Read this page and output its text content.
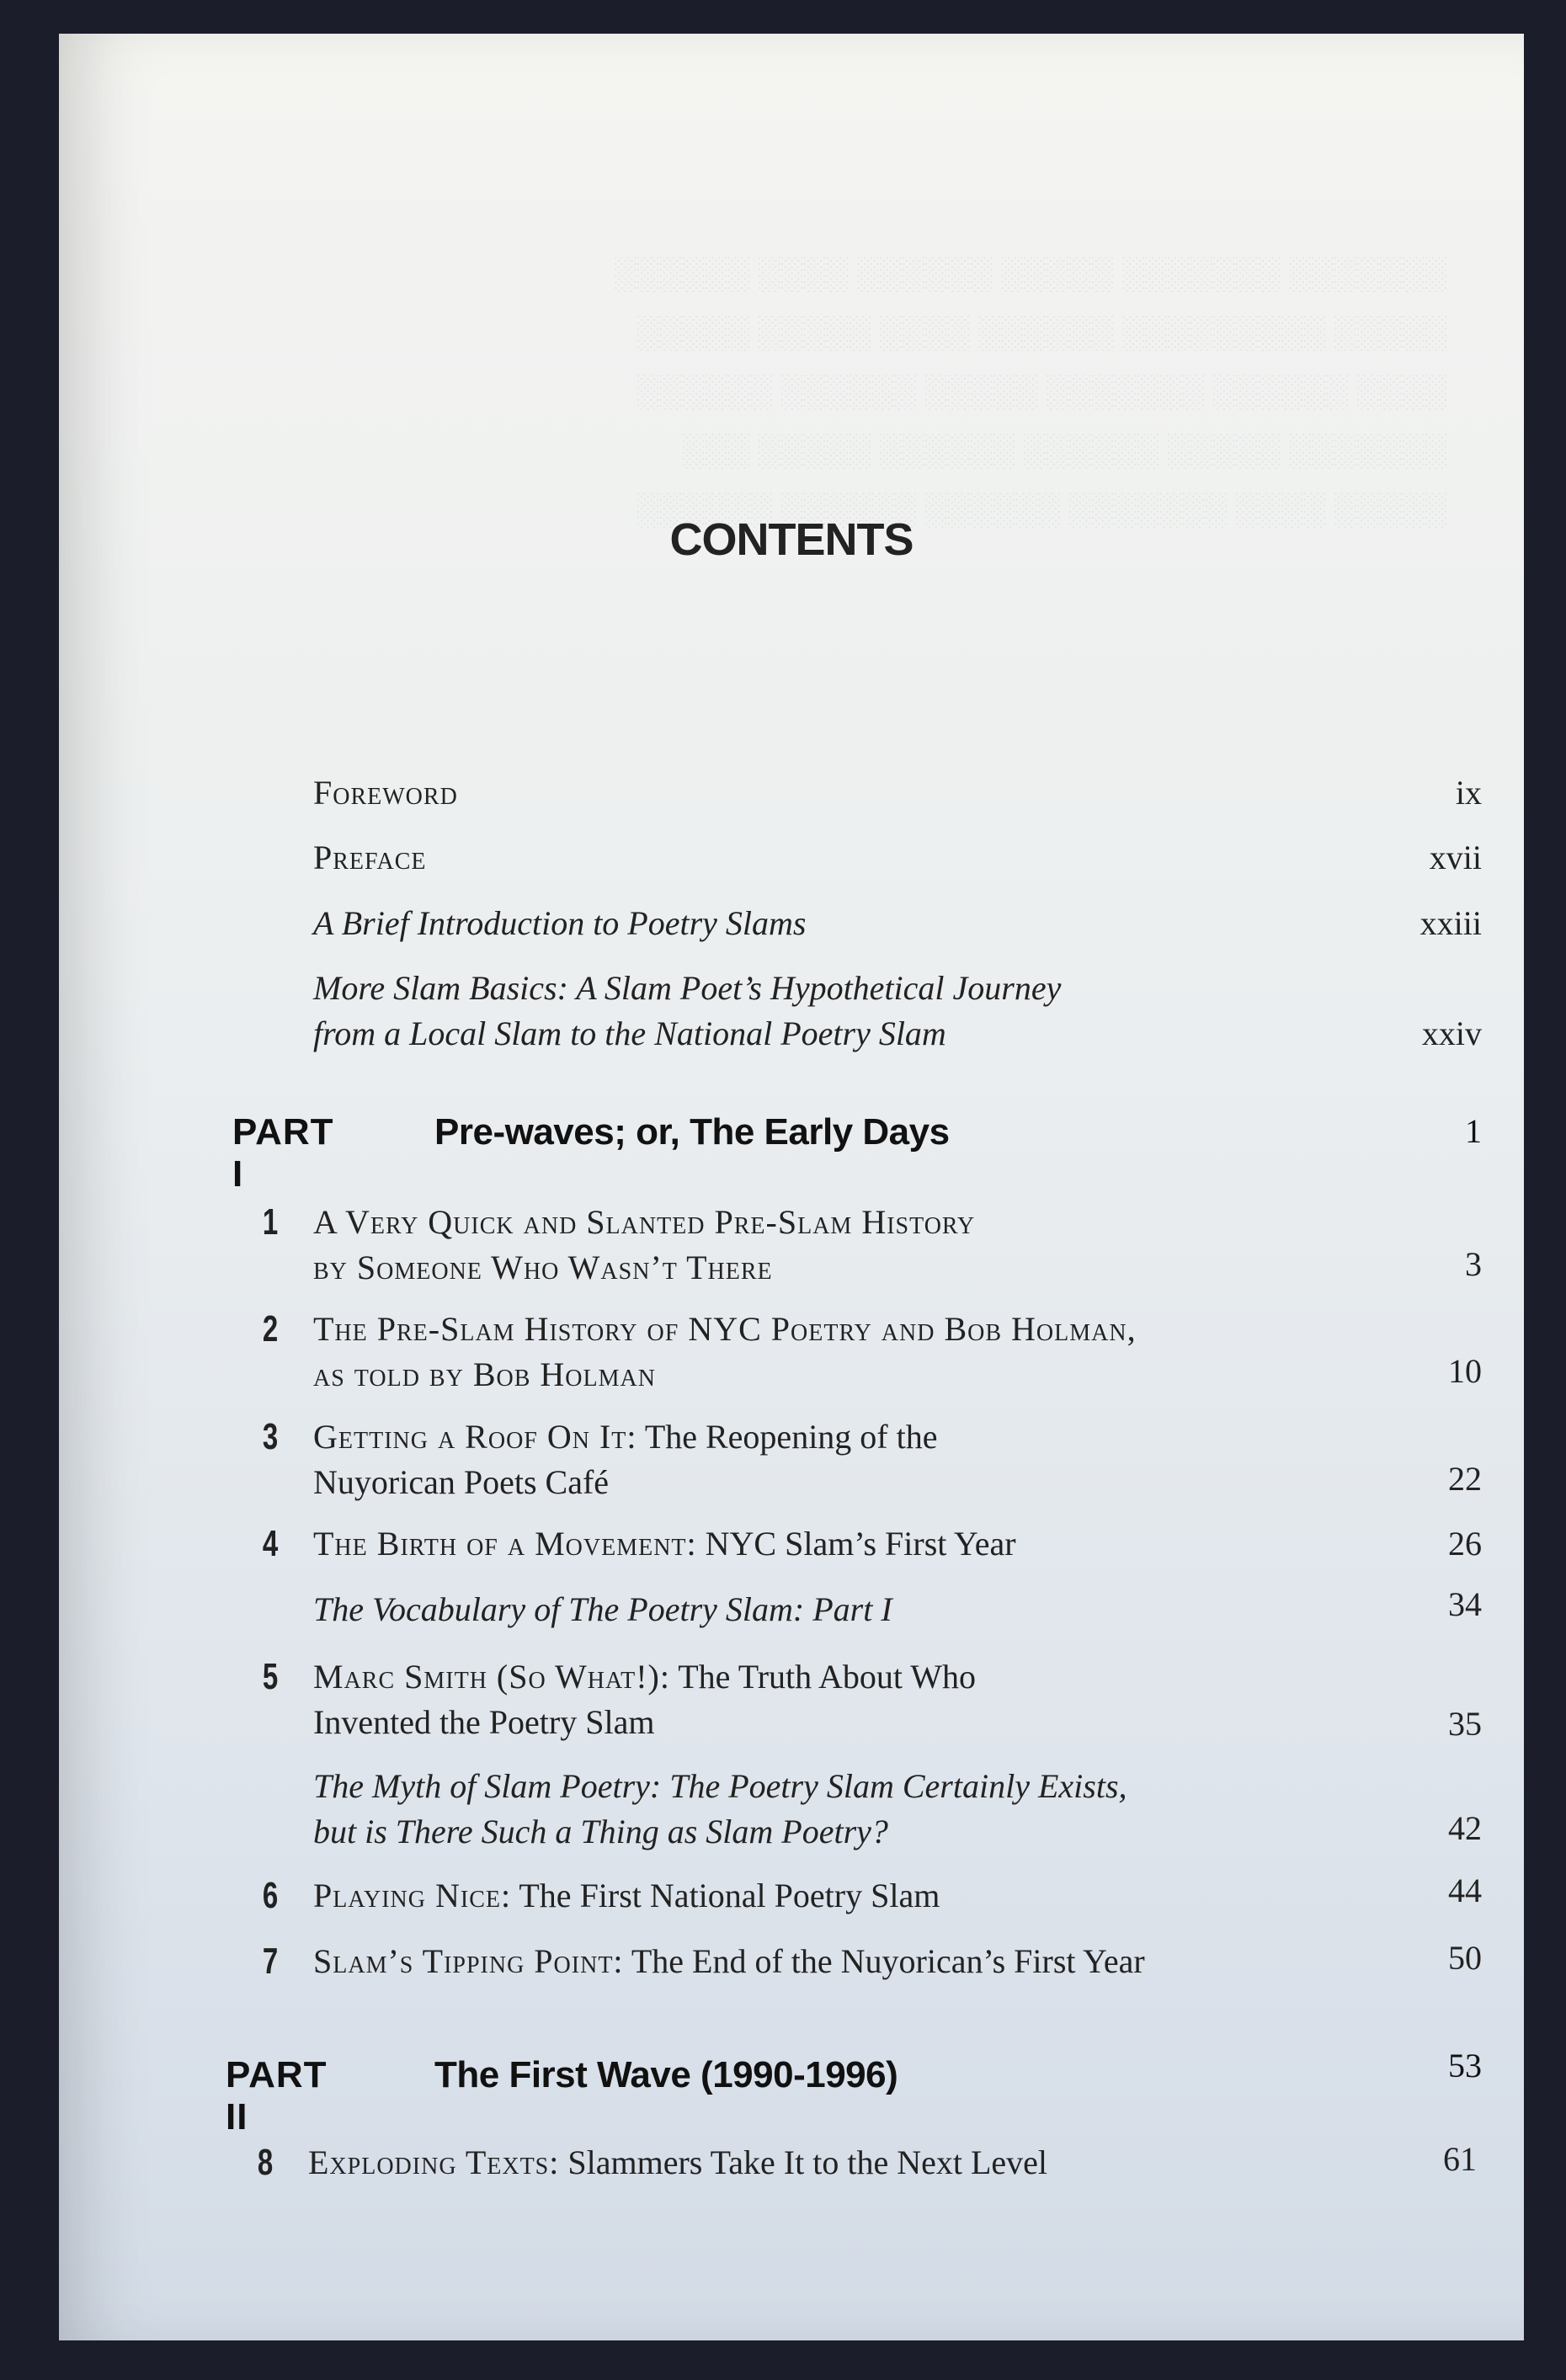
░░░░░░░ ░░░░░░░ ░░░░░ ░░░░░░ ░░░░ ░░░░░░
░░░░░ ░░░░░░░░░ ░░░░░░ ░░░░ ░░░░░ ░░░░░
░░░░ ░░░░░░ ░░░░░░░ ░░░░░ ░░░░░░ ░░░░░░
░░░░░░░ ░░░░░ ░░░░░░ ░░░░░░ ░░░░░ ░░░
░░░░░ ░░░░ ░░░░░░░ ░░░░░░ ░░░░░░ ░░░░░░
CONTENTS
Foreword	ix
Preface	xvii
A Brief Introduction to Poetry Slams	xxiii
More Slam Basics: A Slam Poet’s Hypothetical Journey
from a Local Slam to the National Poetry Slam	xxiv
PART I
Pre-waves; or, The Early Days	1
1 A Very Quick and Slanted Pre-Slam History
by Someone Who Wasn’t There	3
2 The Pre-Slam History of NYC Poetry and Bob Holman,
as told by Bob Holman	10
3 Getting a Roof On It: The Reopening of the
Nuyorican Poets Café	22
4 The Birth of a Movement: NYC Slam’s First Year	26
The Vocabulary of The Poetry Slam: Part I	34
5 Marc Smith (So What!): The Truth About Who
Invented the Poetry Slam	35
The Myth of Slam Poetry: The Poetry Slam Certainly Exists,
but is There Such a Thing as Slam Poetry?	42
6 Playing Nice: The First National Poetry Slam	44
7 Slam’s Tipping Point: The End of the Nuyorican’s First Year	50
PART II
The First Wave (1990-1996)	53
8 Exploding Texts: Slammers Take It to the Next Level	61
